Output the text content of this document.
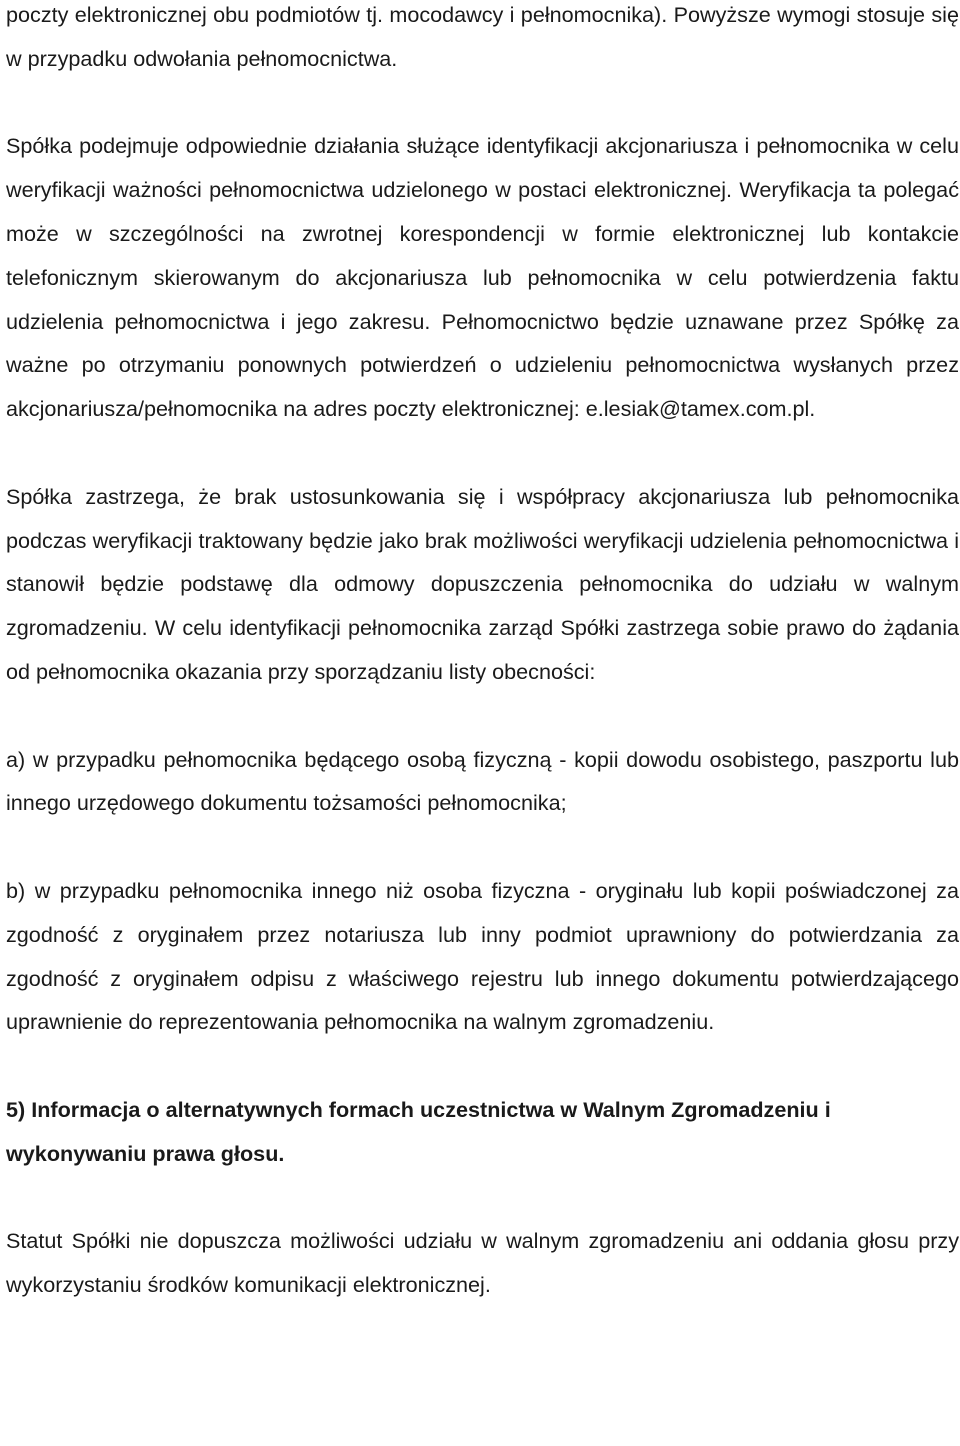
poczty elektronicznej obu podmiotów tj. mocodawcy i pełnomocnika). Powyższe wymogi stosuje się w przypadku odwołania pełnomocnictwa.

Spółka podejmuje odpowiednie działania służące identyfikacji akcjonariusza i pełnomocnika w celu weryfikacji ważności pełnomocnictwa udzielonego w postaci elektronicznej. Weryfikacja ta polegać może w szczególności na zwrotnej korespondencji w formie elektronicznej lub kontakcie telefonicznym skierowanym do akcjonariusza lub pełnomocnika w celu potwierdzenia faktu udzielenia pełnomocnictwa i jego zakresu. Pełnomocnictwo będzie uznawane przez Spółkę za ważne po otrzymaniu ponownych potwierdzeń o udzieleniu pełnomocnictwa wysłanych przez akcjonariusza/pełnomocnika na adres poczty elektronicznej: e.lesiak@tamex.com.pl.

Spółka zastrzega, że brak ustosunkowania się i współpracy akcjonariusza lub pełnomocnika podczas weryfikacji traktowany będzie jako brak możliwości weryfikacji udzielenia pełnomocnictwa i stanowił będzie podstawę dla odmowy dopuszczenia pełnomocnika do udziału w walnym zgromadzeniu. W celu identyfikacji pełnomocnika zarząd Spółki zastrzega sobie prawo do żądania od pełnomocnika okazania przy sporządzaniu listy obecności:

a) w przypadku pełnomocnika będącego osobą fizyczną - kopii dowodu osobistego, paszportu lub innego urzędowego dokumentu tożsamości pełnomocnika;

b) w przypadku pełnomocnika innego niż osoba fizyczna - oryginału lub kopii poświadczonej za zgodność z oryginałem przez notariusza lub inny podmiot uprawniony do potwierdzania za zgodność z oryginałem odpisu z właściwego rejestru lub innego dokumentu potwierdzającego uprawnienie do reprezentowania pełnomocnika na walnym zgromadzeniu.

5) Informacja o alternatywnych formach uczestnictwa w Walnym Zgromadzeniu i wykonywaniu prawa głosu.

Statut Spółki nie dopuszcza możliwości udziału w walnym zgromadzeniu ani oddania głosu przy wykorzystaniu środków komunikacji elektronicznej.
